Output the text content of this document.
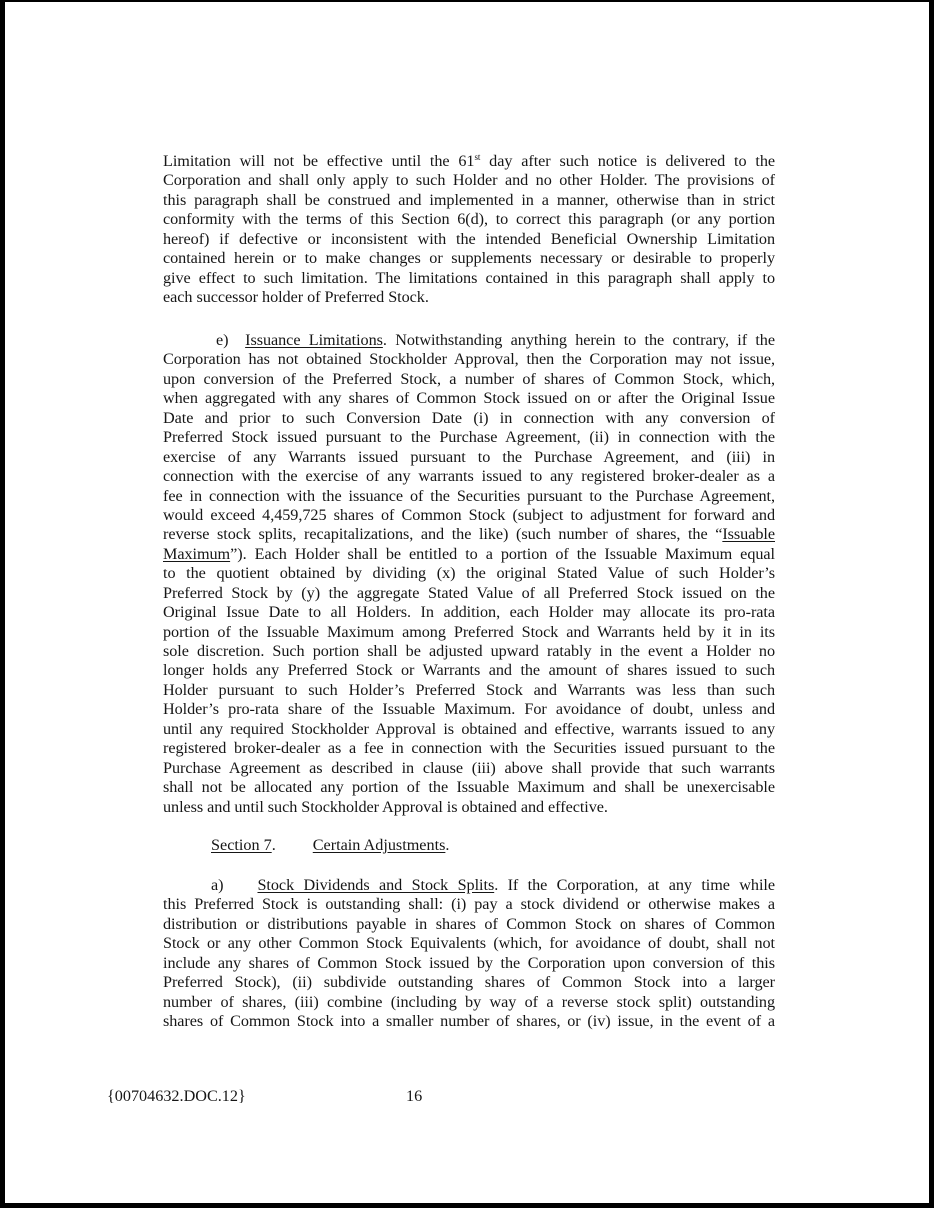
Limitation will not be effective until the 61st day after such notice is delivered to the
Corporation and shall only apply to such Holder and no other Holder. The provisions of
this paragraph shall be construed and implemented in a manner, otherwise than in strict
conformity with the terms of this Section 6(d), to correct this paragraph (or any portion
hereof) if defective or inconsistent with the intended Beneficial Ownership Limitation
contained herein or to make changes or supplements necessary or desirable to properly
give effect to such limitation. The limitations contained in this paragraph shall apply to
each successor holder of Preferred Stock.
e) Issuance Limitations. Notwithstanding anything herein to the contrary, if the
Corporation has not obtained Stockholder Approval, then the Corporation may not issue,
upon conversion of the Preferred Stock, a number of shares of Common Stock, which,
when aggregated with any shares of Common Stock issued on or after the Original Issue
Date and prior to such Conversion Date (i) in connection with any conversion of
Preferred Stock issued pursuant to the Purchase Agreement, (ii) in connection with the
exercise of any Warrants issued pursuant to the Purchase Agreement, and (iii) in
connection with the exercise of any warrants issued to any registered broker-dealer as a
fee in connection with the issuance of the Securities pursuant to the Purchase Agreement,
would exceed 4,459,725 shares of Common Stock (subject to adjustment for forward and
reverse stock splits, recapitalizations, and the like) (such number of shares, the “Issuable
Maximum”). Each Holder shall be entitled to a portion of the Issuable Maximum equal
to the quotient obtained by dividing (x) the original Stated Value of such Holder’s
Preferred Stock by (y) the aggregate Stated Value of all Preferred Stock issued on the
Original Issue Date to all Holders. In addition, each Holder may allocate its pro-rata
portion of the Issuable Maximum among Preferred Stock and Warrants held by it in its
sole discretion. Such portion shall be adjusted upward ratably in the event a Holder no
longer holds any Preferred Stock or Warrants and the amount of shares issued to such
Holder pursuant to such Holder’s Preferred Stock and Warrants was less than such
Holder’s pro-rata share of the Issuable Maximum. For avoidance of doubt, unless and
until any required Stockholder Approval is obtained and effective, warrants issued to any
registered broker-dealer as a fee in connection with the Securities issued pursuant to the
Purchase Agreement as described in clause (iii) above shall provide that such warrants
shall not be allocated any portion of the Issuable Maximum and shall be unexercisable
unless and until such Stockholder Approval is obtained and effective.
Section 7. Certain Adjustments.
a) Stock Dividends and Stock Splits. If the Corporation, at any time while
this Preferred Stock is outstanding shall: (i) pay a stock dividend or otherwise makes a
distribution or distributions payable in shares of Common Stock on shares of Common
Stock or any other Common Stock Equivalents (which, for avoidance of doubt, shall not
include any shares of Common Stock issued by the Corporation upon conversion of this
Preferred Stock), (ii) subdivide outstanding shares of Common Stock into a larger
number of shares, (iii) combine (including by way of a reverse stock split) outstanding
shares of Common Stock into a smaller number of shares, or (iv) issue, in the event of a
{00704632.DOC.12}	16
